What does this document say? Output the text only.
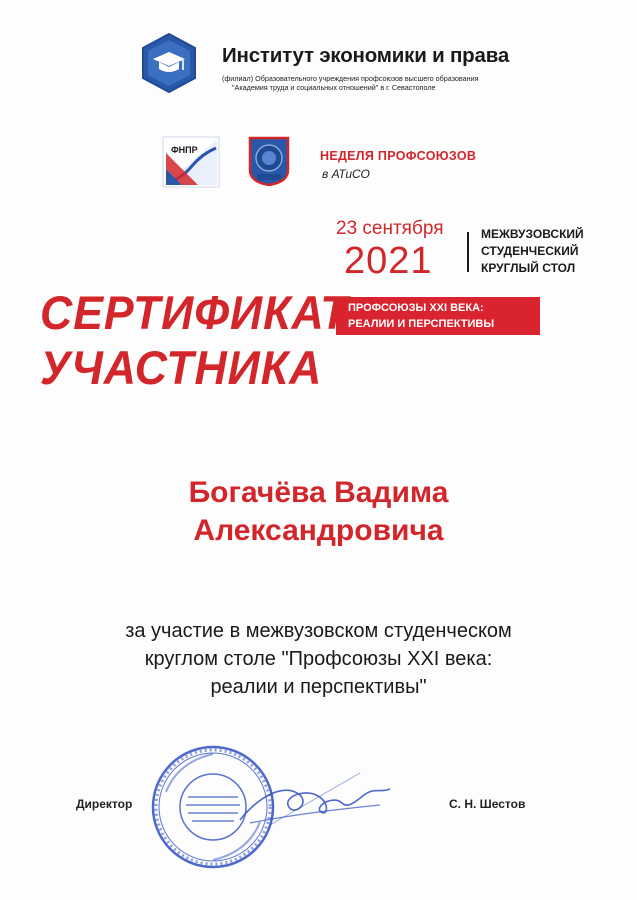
Институт экономики и права
(филиал) Образовательного учреждения профсоюзов высшего образования
"Академия труда и социальных отношений" в г. Севастополе
ФНПР	НЕДЕЛЯ ПРОФСОЮЗОВ
в АТиСО
23 сентября
2021
МЕЖВУЗОВСКИЙ
СТУДЕНЧЕСКИЙ
КРУГЛЫЙ СТОЛ
ПРОФСОЮЗЫ XXI ВЕКА:
РЕАЛИИ И ПЕРСПЕКТИВЫ
СЕРТИФИКАТ
УЧАСТНИКА
Богачёва Вадима
Александровича
за участие в межвузовском студенческом
круглом столе "Профсоюзы XXI века:
реалии и перспективы"
Директор	С. Н. Шестов
